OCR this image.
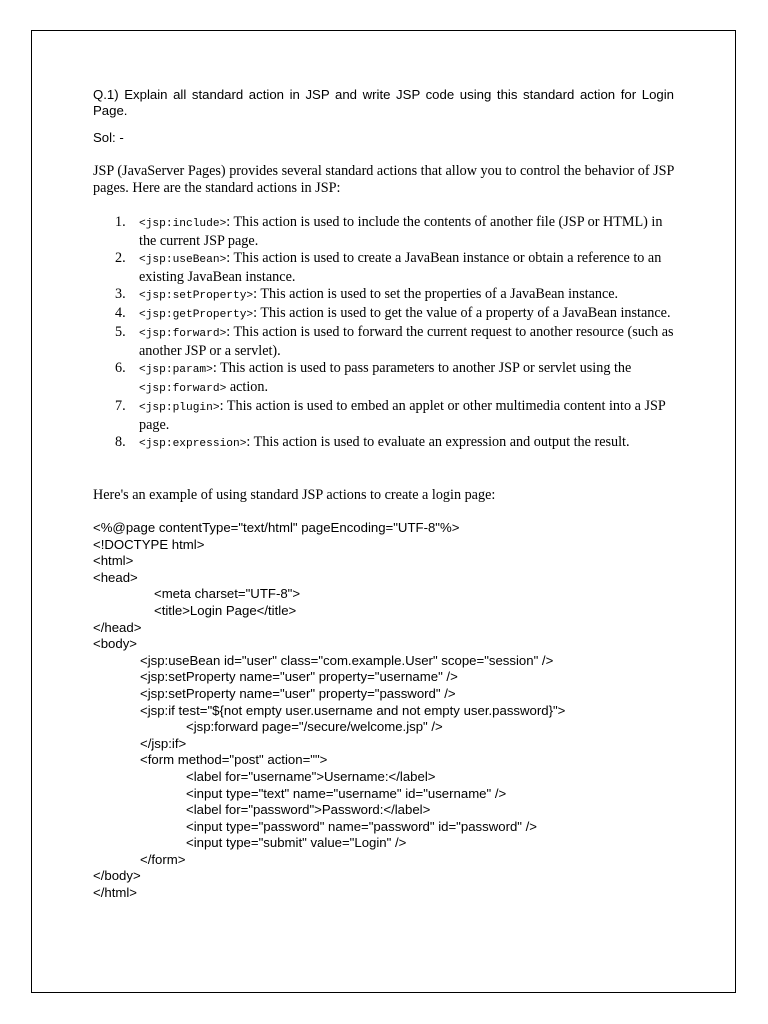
Q.1) Explain all standard action in JSP and write JSP code using this standard action for Login Page.
Sol: -
JSP (JavaServer Pages) provides several standard actions that allow you to control the behavior of JSP pages. Here are the standard actions in JSP:
1. <jsp:include>: This action is used to include the contents of another file (JSP or HTML) in the current JSP page.
2. <jsp:useBean>: This action is used to create a JavaBean instance or obtain a reference to an existing JavaBean instance.
3. <jsp:setProperty>: This action is used to set the properties of a JavaBean instance.
4. <jsp:getProperty>: This action is used to get the value of a property of a JavaBean instance.
5. <jsp:forward>: This action is used to forward the current request to another resource (such as another JSP or a servlet).
6. <jsp:param>: This action is used to pass parameters to another JSP or servlet using the <jsp:forward> action.
7. <jsp:plugin>: This action is used to embed an applet or other multimedia content into a JSP page.
8. <jsp:expression>: This action is used to evaluate an expression and output the result.
Here's an example of using standard JSP actions to create a login page:
<%@page contentType="text/html" pageEncoding="UTF-8"%>
<!DOCTYPE html>
<html>
<head>
<meta charset="UTF-8">
<title>Login Page</title>
</head>
<body>
<jsp:useBean id="user" class="com.example.User" scope="session" />
<jsp:setProperty name="user" property="username" />
<jsp:setProperty name="user" property="password" />
<jsp:if test="${not empty user.username and not empty user.password}">
<jsp:forward page="/secure/welcome.jsp" />
</jsp:if>
<form method="post" action="">
<label for="username">Username:</label>
<input type="text" name="username" id="username" />
<label for="password">Password:</label>
<input type="password" name="password" id="password" />
<input type="submit" value="Login" />
</form>
</body>
</html>
